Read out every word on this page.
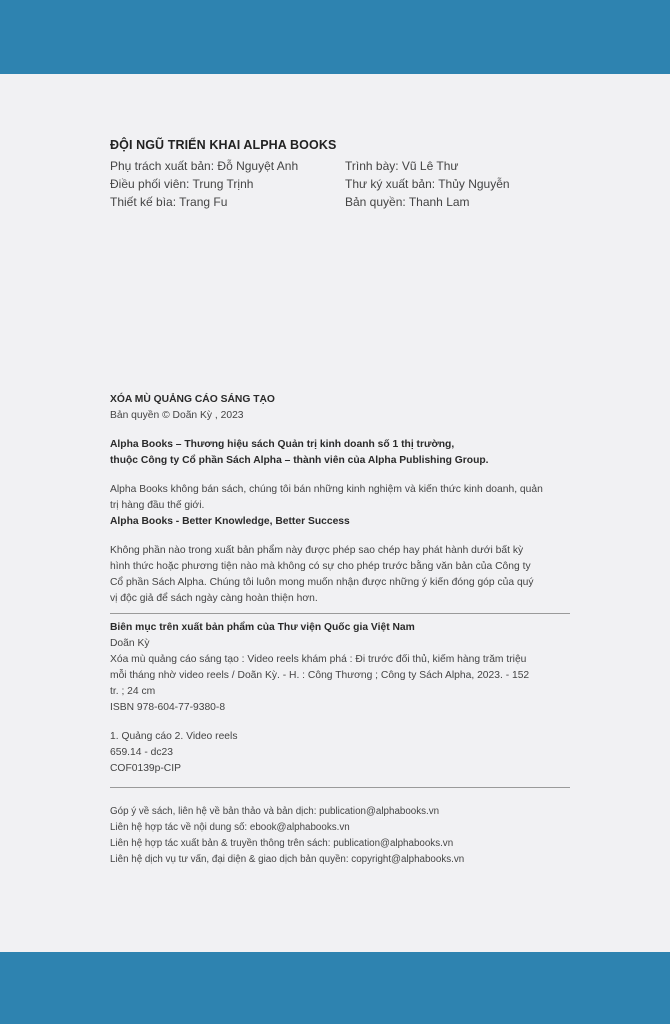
ĐỘI NGŨ TRIỂN KHAI ALPHA BOOKS
Phụ trách xuất bản: Đỗ Nguyệt Anh	Trình bày: Vũ Lê Thư
Điều phối viên: Trung Trịnh	Thư ký xuất bản: Thủy Nguyễn
Thiết kế bìa: Trang Fu	Bản quyền: Thanh Lam

XÓA MÙ QUẢNG CÁO SÁNG TẠO

Bản quyền © Doãn Kỳ , 2023

Alpha Books – Thương hiệu sách Quản trị kinh doanh số 1 thị trường,

thuộc Công ty Cổ phần Sách Alpha – thành viên của Alpha Publishing Group.

Alpha Books không bán sách, chúng tôi bán những kinh nghiệm và kiến thức kinh doanh, quản

trị hàng đầu thế giới.

Alpha Books - Better Knowledge, Better Success

Không phần nào trong xuất bản phẩm này được phép sao chép hay phát hành dưới bất kỳ

hình thức hoặc phương tiện nào mà không có sự cho phép trước bằng văn bản của Công ty

Cổ phần Sách Alpha. Chúng tôi luôn mong muốn nhận được những ý kiến đóng góp của quý

vị độc giả để sách ngày càng hoàn thiện hơn.

Biên mục trên xuất bản phẩm của Thư viện Quốc gia Việt Nam

Doãn Kỳ

Xóa mù quảng cáo sáng tạo : Video reels khám phá : Đi trước đối thủ, kiếm hàng trăm triệu

mỗi tháng nhờ video reels / Doãn Kỳ. - H. : Công Thương ; Công ty Sách Alpha, 2023. - 152

tr. ; 24 cm

ISBN 978-604-77-9380-8

1. Quảng cáo 2. Video reels

659.14 - dc23

COF0139p-CIP

Góp ý về sách, liên hệ về bản thảo và bản dịch: publication@alphabooks.vn

Liên hệ hợp tác về nội dung số: ebook@alphabooks.vn

Liên hệ hợp tác xuất bản & truyền thông trên sách: publication@alphabooks.vn

Liên hệ dịch vụ tư vấn, đại diện & giao dịch bản quyền: copyright@alphabooks.vn
